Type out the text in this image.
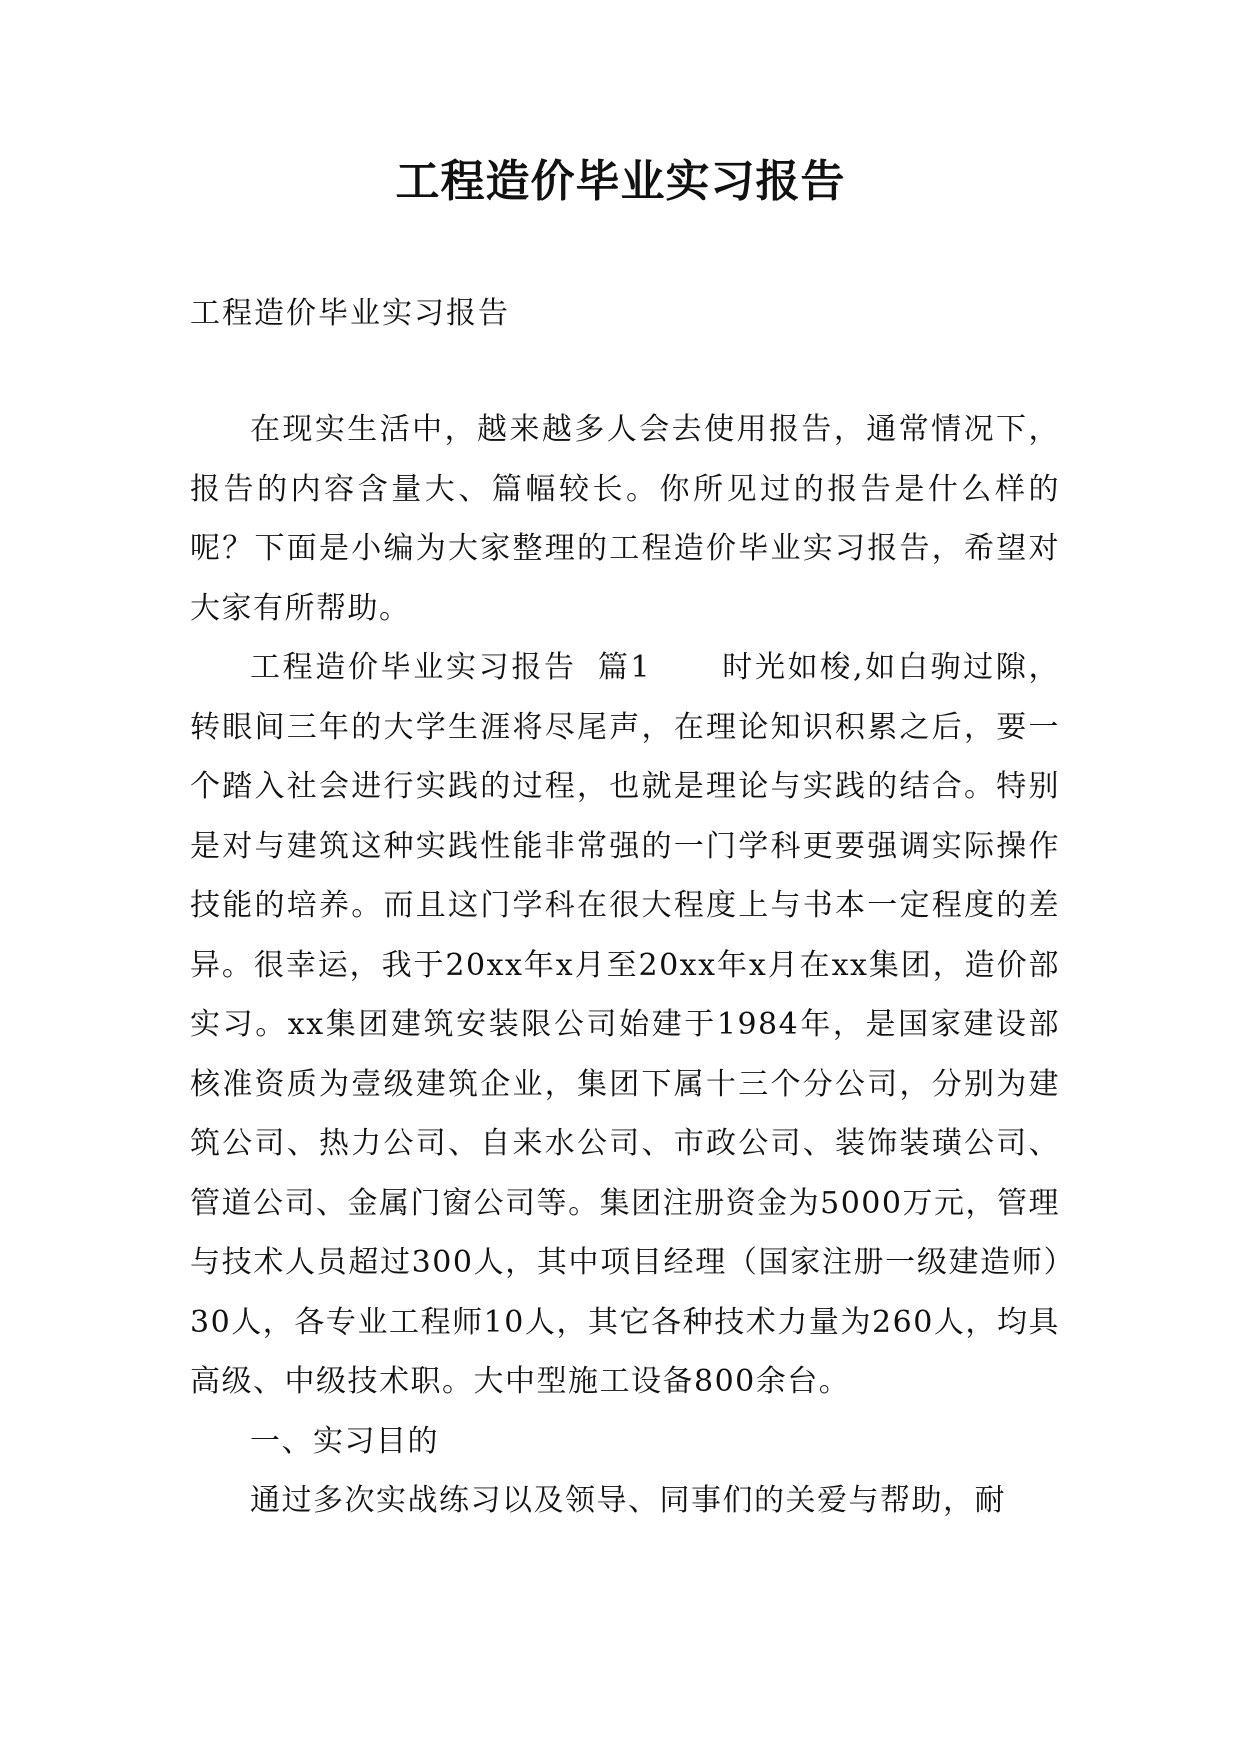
工程造价毕业实习报告
工程造价毕业实习报告

在现实生活中，越来越多人会去使用报告，通常情况下，报告的内容含量大、篇幅较长。你所见过的报告是什么样的呢？下面是小编为大家整理的工程造价毕业实习报告，希望对大家有所帮助。

工程造价毕业实习报告 篇1 时光如梭,如白驹过隙，转眼间三年的大学生涯将尽尾声，在理论知识积累之后，要一个踏入社会进行实践的过程，也就是理论与实践的结合。特别是对与建筑这种实践性能非常强的一门学科更要强调实际操作技能的培养。而且这门学科在很大程度上与书本一定程度的差异。很幸运，我于20xx年x月至20xx年x月在xx集团，造价部实习。xx集团建筑安装限公司始建于1984年，是国家建设部核准资质为壹级建筑企业，集团下属十三个分公司，分别为建筑公司、热力公司、自来水公司、市政公司、装饰装璜公司、管道公司、金属门窗公司等。集团注册资金为5000万元，管理与技术人员超过300人，其中项目经理（国家注册一级建造师）30人，各专业工程师10人，其它各种技术力量为260人，均具高级、中级技术职。大中型施工设备800余台。

一、实习目的

通过多次实战练习以及领导、同事们的关爱与帮助，耐
